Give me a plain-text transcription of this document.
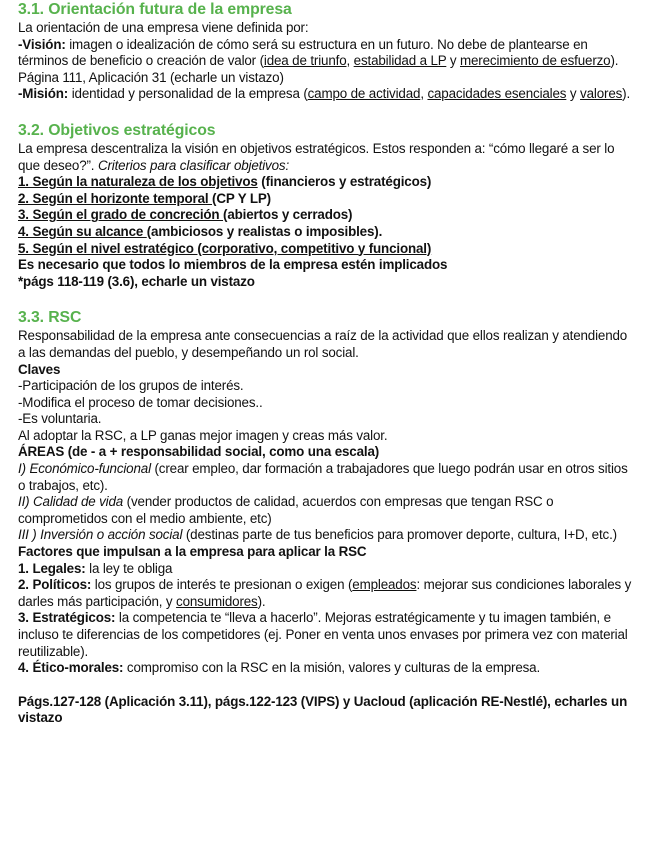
3.1. Orientación futura de la empresa

La orientación de una empresa viene definida por:

-Visión: imagen o idealización de cómo será su estructura en un futuro. No debe de plantearse en términos de beneficio o creación de valor (idea de triunfo, estabilidad a LP y merecimiento de esfuerzo).

Página 111, Aplicación 31 (echarle un vistazo)

-Misión: identidad y personalidad de la empresa (campo de actividad, capacidades esenciales y valores).

3.2. Objetivos estratégicos

La empresa descentraliza la visión en objetivos estratégicos. Estos responden a: “cómo llegaré a ser lo que deseo?”. Criterios para clasificar objetivos:

1. Según la naturaleza de los objetivos (financieros y estratégicos)

2. Según el horizonte temporal (CP Y LP)

3. Según el grado de concreción (abiertos y cerrados)

4. Según su alcance (ambiciosos y realistas o imposibles).

5. Según el nivel estratégico (corporativo, competitivo y funcional)

Es necesario que todos lo miembros de la empresa estén implicados

*págs 118-119 (3.6), echarle un vistazo

3.3. RSC

Responsabilidad de la empresa ante consecuencias a raíz de la actividad que ellos realizan y atendiendo a las demandas del pueblo, y desempeñando un rol social.

Claves

-Participación de los grupos de interés.

-Modifica el proceso de tomar decisiones..

-Es voluntaria.

Al adoptar la RSC, a LP ganas mejor imagen y creas más valor.

ÁREAS (de - a + responsabilidad social, como una escala)

I) Económico-funcional (crear empleo, dar formación a trabajadores que luego podrán usar en otros sitios o trabajos, etc).

II) Calidad de vida (vender productos de calidad, acuerdos con empresas que tengan RSC o comprometidos con el medio ambiente, etc)

III ) Inversión o acción social (destinas parte de tus beneficios para promover deporte, cultura, I+D, etc.)

Factores que impulsan a la empresa para aplicar la RSC

1. Legales: la ley te obliga

2. Políticos: los grupos de interés te presionan o exigen (empleados: mejorar sus condiciones laborales y darles más participación, y consumidores).

3. Estratégicos: la competencia te “lleva a hacerlo”. Mejoras estratégicamente y tu imagen también, e incluso te diferencias de los competidores (ej. Poner en venta unos envases por primera vez con material reutilizable).

4. Ético-morales: compromiso con la RSC en la misión, valores y culturas de la empresa.

Págs.127-128 (Aplicación 3.11), págs.122-123 (VIPS) y Uacloud (aplicación RE-Nestlé), echarles un vistazo
